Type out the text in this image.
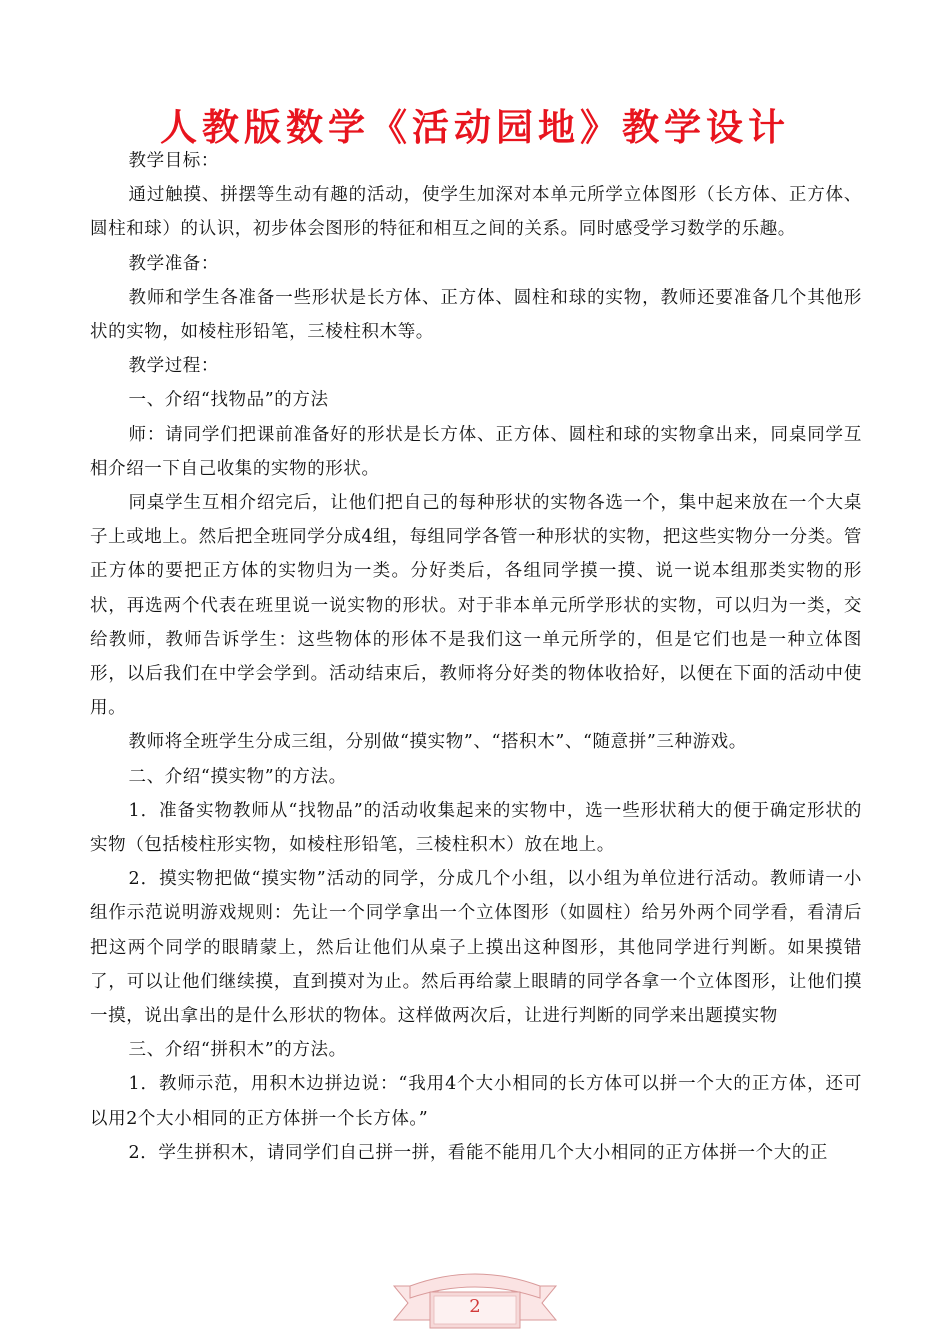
人教版数学《活动园地》教学设计

教学目标：

通过触摸、拼摆等生动有趣的活动，使学生加深对本单元所学立体图形（长方体、正方体、圆柱和球）的认识，初步体会图形的特征和相互之间的关系。同时感受学习数学的乐趣。

教学准备：

教师和学生各准备一些形状是长方体、正方体、圆柱和球的实物，教师还要准备几个其他形状的实物，如棱柱形铅笔，三棱柱积木等。

教学过程：

一、介绍“找物品”的方法

师：请同学们把课前准备好的形状是长方体、正方体、圆柱和球的实物拿出来，同桌同学互相介绍一下自己收集的实物的形状。

同桌学生互相介绍完后，让他们把自己的每种形状的实物各选一个，集中起来放在一个大桌子上或地上。然后把全班同学分成4组，每组同学各管一种形状的实物，把这些实物分一分类。管正方体的要把正方体的实物归为一类。分好类后，各组同学摸一摸、说一说本组那类实物的形状，再选两个代表在班里说一说实物的形状。对于非本单元所学形状的实物，可以归为一类，交给教师，教师告诉学生：这些物体的形体不是我们这一单元所学的，但是它们也是一种立体图形，以后我们在中学会学到。活动结束后，教师将分好类的物体收拾好，以便在下面的活动中使用。

教师将全班学生分成三组，分别做“摸实物”、“搭积木”、“随意拼”三种游戏。

二、介绍“摸实物”的方法。

1．准备实物教师从“找物品”的活动收集起来的实物中，选一些形状稍大的便于确定形状的实物（包括棱柱形实物，如棱柱形铅笔，三棱柱积木）放在地上。

2．摸实物把做“摸实物”活动的同学，分成几个小组，以小组为单位进行活动。教师请一小组作示范说明游戏规则：先让一个同学拿出一个立体图形（如圆柱）给另外两个同学看，看清后把这两个同学的眼睛蒙上，然后让他们从桌子上摸出这种图形，其他同学进行判断。如果摸错了，可以让他们继续摸，直到摸对为止。然后再给蒙上眼睛的同学各拿一个立体图形，让他们摸一摸，说出拿出的是什么形状的物体。这样做两次后，让进行判断的同学来出题摸实物

三、介绍“拼积木”的方法。

1．教师示范，用积木边拼边说：“我用4个大小相同的长方体可以拼一个大的正方体，还可以用2个大小相同的正方体拼一个长方体。”

2．学生拼积木，请同学们自己拼一拼，看能不能用几个大小相同的正方体拼一个大的正

2
